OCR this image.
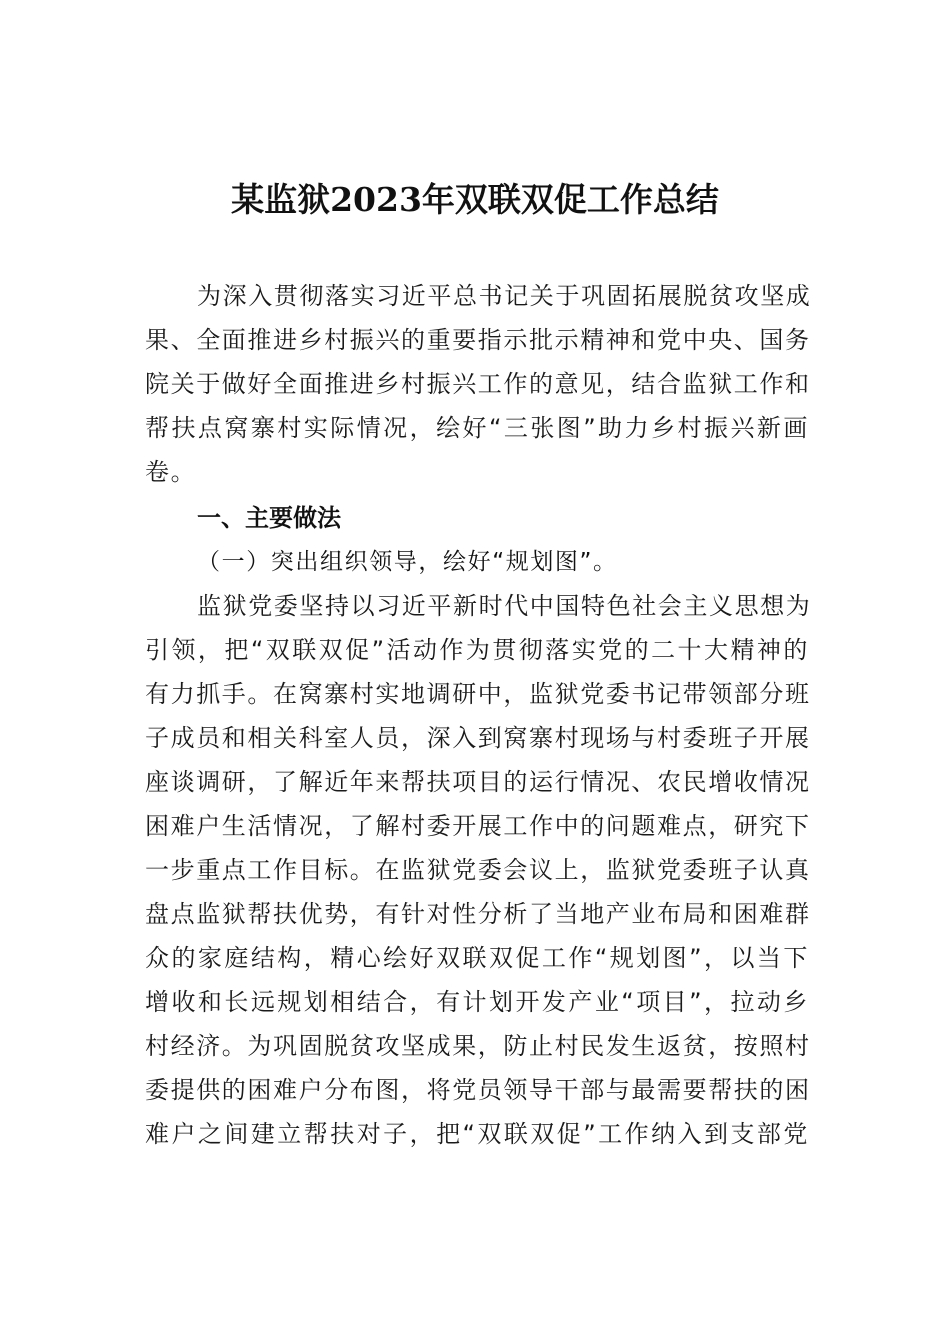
某监狱2023年双联双促工作总结
为深入贯彻落实习近平总书记关于巩固拓展脱贫攻坚成
果、全面推进乡村振兴的重要指示批示精神和党中央、国务
院关于做好全面推进乡村振兴工作的意见，结合监狱工作和
帮扶点窝寨村实际情况，绘好“三张图”助力乡村振兴新画
卷。
一、主要做法
（一）突出组织领导，绘好“规划图”。
监狱党委坚持以习近平新时代中国特色社会主义思想为
引领，把“双联双促”活动作为贯彻落实党的二十大精神的
有力抓手。在窝寨村实地调研中，监狱党委书记带领部分班
子成员和相关科室人员，深入到窝寨村现场与村委班子开展
座谈调研，了解近年来帮扶项目的运行情况、农民增收情况
困难户生活情况，了解村委开展工作中的问题难点，研究下
一步重点工作目标。在监狱党委会议上，监狱党委班子认真
盘点监狱帮扶优势，有针对性分析了当地产业布局和困难群
众的家庭结构，精心绘好双联双促工作“规划图”，以当下
增收和长远规划相结合，有计划开发产业“项目”，拉动乡
村经济。为巩固脱贫攻坚成果，防止村民发生返贫，按照村
委提供的困难户分布图，将党员领导干部与最需要帮扶的困
难户之间建立帮扶对子，把“双联双促”工作纳入到支部党
